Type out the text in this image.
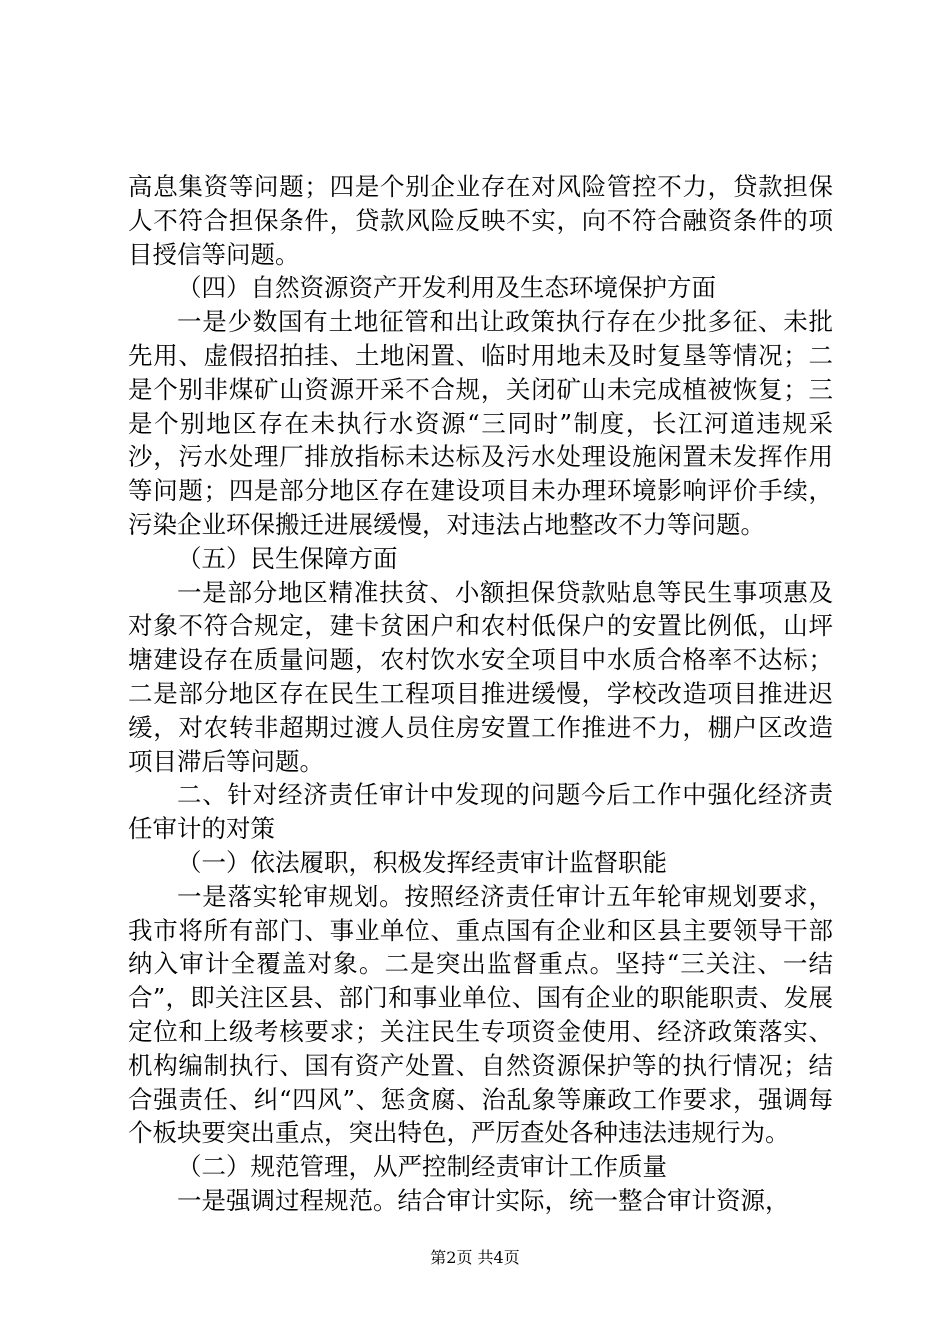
高息集资等问题；四是个别企业存在对风险管控不力，贷款担保人不符合担保条件，贷款风险反映不实，向不符合融资条件的项目授信等问题。

（四）自然资源资产开发利用及生态环境保护方面

一是少数国有土地征管和出让政策执行存在少批多征、未批先用、虚假招拍挂、土地闲置、临时用地未及时复垦等情况；二是个别非煤矿山资源开采不合规，关闭矿山未完成植被恢复；三是个别地区存在未执行水资源“三同时”制度，长江河道违规采沙，污水处理厂排放指标未达标及污水处理设施闲置未发挥作用等问题；四是部分地区存在建设项目未办理环境影响评价手续，污染企业环保搬迁进展缓慢，对违法占地整改不力等问题。

（五）民生保障方面

一是部分地区精准扶贫、小额担保贷款贴息等民生事项惠及对象不符合规定，建卡贫困户和农村低保户的安置比例低，山坪塘建设存在质量问题，农村饮水安全项目中水质合格率不达标；二是部分地区存在民生工程项目推进缓慢，学校改造项目推进迟缓，对农转非超期过渡人员住房安置工作推进不力，棚户区改造项目滞后等问题。

二、针对经济责任审计中发现的问题今后工作中强化经济责任审计的对策

（一）依法履职，积极发挥经责审计监督职能

一是落实轮审规划。按照经济责任审计五年轮审规划要求，我市将所有部门、事业单位、重点国有企业和区县主要领导干部纳入审计全覆盖对象。二是突出监督重点。坚持“三关注、一结合”，即关注区县、部门和事业单位、国有企业的职能职责、发展定位和上级考核要求；关注民生专项资金使用、经济政策落实、机构编制执行、国有资产处置、自然资源保护等的执行情况；结合强责任、纠“四风”、惩贪腐、治乱象等廉政工作要求，强调每个板块要突出重点，突出特色，严厉查处各种违法违规行为。

（二）规范管理，从严控制经责审计工作质量

一是强调过程规范。结合审计实际，统一整合审计资源，

第2页 共4页
